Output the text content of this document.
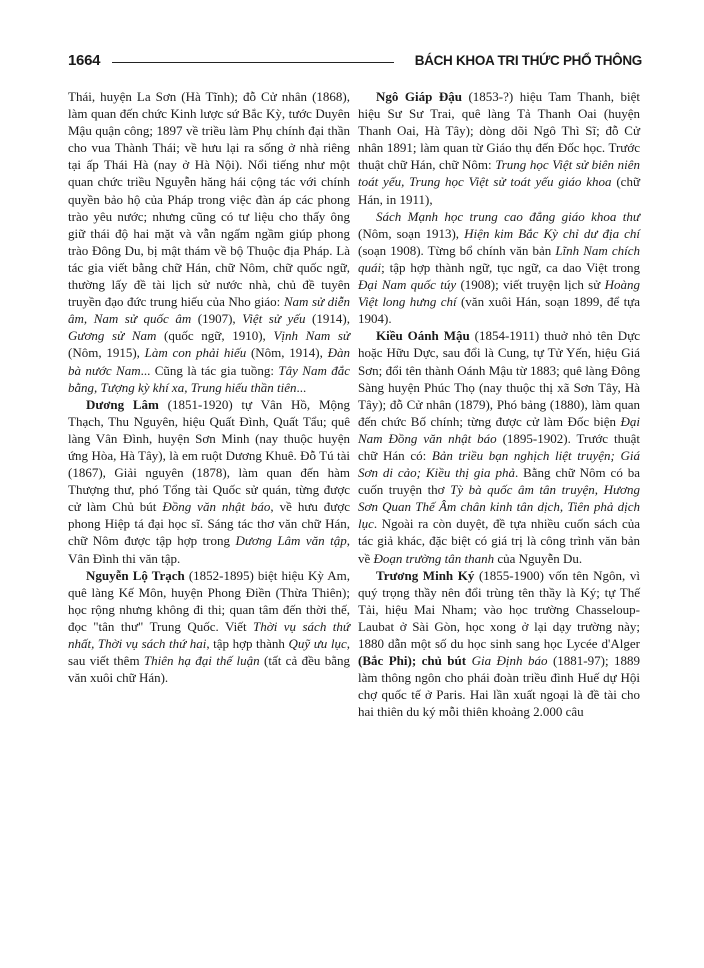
1664	BÁCH KHOA TRI THỨC PHỔ THÔNG

Thái, huyện La Sơn (Hà Tĩnh); đỗ Cử nhân (1868), làm quan đến chức Kinh lược sứ Bắc Kỳ, tước Duyên Mậu quận công; 1897 về triều làm Phụ chính đại thần cho vua Thành Thái; về hưu lại ra sống ở nhà riêng tại ấp Thái Hà (nay ở Hà Nội). Nổi tiếng như một quan chức triều Nguyễn hăng hái cộng tác với chính quyền bảo hộ của Pháp trong việc đàn áp các phong trào yêu nước; nhưng cũng có tư liệu cho thấy ông giữ thái độ hai mặt và vẫn ngấm ngầm giúp phong trào Đông Du, bị mật thám về bộ Thuộc địa Pháp. Là tác gia viết bằng chữ Hán, chữ Nôm, chữ quốc ngữ, thường lấy đề tài lịch sử nước nhà, chủ đề tuyên truyền đạo đức trung hiếu của Nho giáo: Nam sử diễn âm, Nam sử quốc âm (1907), Việt sử yếu (1914), Gương sử Nam (quốc ngữ, 1910), Vịnh Nam sử (Nôm, 1915), Làm con phải hiếu (Nôm, 1914), Đàn bà nước Nam... Cũng là tác gia tuồng: Tây Nam đắc bằng, Tượng kỳ khí xa, Trung hiếu thần tiên...

Dương Lâm (1851-1920) tự Vân Hồ, Mộng Thạch, Thu Nguyên, hiệu Quất Đình, Quất Tẩu; quê làng Vân Đình, huyện Sơn Minh (nay thuộc huyện ứng Hòa, Hà Tây), là em ruột Dương Khuê. Đỗ Tú tài (1867), Giải nguyên (1878), làm quan đến hàm Thượng thư, phó Tổng tài Quốc sử quán, từng được cử làm Chủ bút Đồng văn nhật báo, về hưu được phong Hiệp tá đại học sĩ. Sáng tác thơ văn chữ Hán, chữ Nôm được tập hợp trong Dương Lâm văn tập, Vân Đình thi văn tập.

Nguyễn Lộ Trạch (1852-1895) biệt hiệu Kỳ Am, quê làng Kế Môn, huyện Phong Điền (Thừa Thiên); học rộng nhưng không đi thi; quan tâm đến thời thế, đọc "tân thư" Trung Quốc. Viết Thời vụ sách thứ nhất, Thời vụ sách thứ hai, tập hợp thành Quỹ ưu lục, sau viết thêm Thiên hạ đại thế luận (tất cả đều bằng văn xuôi chữ Hán).

Ngô Giáp Đậu (1853-?) hiệu Tam Thanh, biệt hiệu Sư Sư Trai, quê làng Tả Thanh Oai (huyện Thanh Oai, Hà Tây); dòng dõi Ngô Thì Sĩ; đỗ Cử nhân 1891; làm quan từ Giáo thụ đến Đốc học. Trước thuật chữ Hán, chữ Nôm: Trung học Việt sử biên niên toát yếu, Trung học Việt sử toát yếu giáo khoa (chữ Hán, in 1911),

Sách Mạnh học trung cao đẳng giáo khoa thư (Nôm, soạn 1913), Hiện kim Bắc Kỳ chỉ dư địa chí (soạn 1908). Từng bổ chính văn bản Lĩnh Nam chích quái; tập hợp thành ngữ, tục ngữ, ca dao Việt trong Đại Nam quốc túy (1908); viết truyện lịch sử Hoàng Việt long hưng chí (văn xuôi Hán, soạn 1899, để tựa 1904).

Kiều Oánh Mậu (1854-1911) thuở nhỏ tên Dực hoặc Hữu Dực, sau đổi là Cung, tự Tử Yến, hiệu Giá Sơn; đổi tên thành Oánh Mậu từ 1883; quê làng Đông Sàng huyện Phúc Thọ (nay thuộc thị xã Sơn Tây, Hà Tây); đỗ Cử nhân (1879), Phó bảng (1880), làm quan đến chức Bố chính; từng được cử làm Đốc biện Đại Nam Đồng văn nhật báo (1895-1902). Trước thuật chữ Hán có: Bản triều bạn nghịch liệt truyện; Giá Sơn di cảo; Kiều thị gia phả. Bằng chữ Nôm có ba cuốn truyện thơ Tỳ bà quốc âm tân truyện, Hương Sơn Quan Thế Âm chân kinh tân dịch, Tiên phả dịch lục. Ngoài ra còn duyệt, đề tựa nhiều cuốn sách của tác giả khác, đặc biệt có giá trị là công trình văn bản về Đoạn trường tân thanh của Nguyễn Du.

Trương Minh Ký (1855-1900) vốn tên Ngôn, vì quý trọng thầy nên đổi trùng tên thầy là Ký; tự Thế Tải, hiệu Mai Nham; vào học trường Chasseloup-Laubat ở Sài Gòn, học xong ở lại dạy trường này; 1880 dẫn một số du học sinh sang học Lycée d'Alger (Bắc Phi); chủ bút Gia Định báo (1881-97); 1889 làm thông ngôn cho phái đoàn triều đình Huế dự Hội chợ quốc tế ở Paris. Hai lần xuất ngoại là đề tài cho hai thiên du ký mỗi thiên khoảng 2.000 câu
